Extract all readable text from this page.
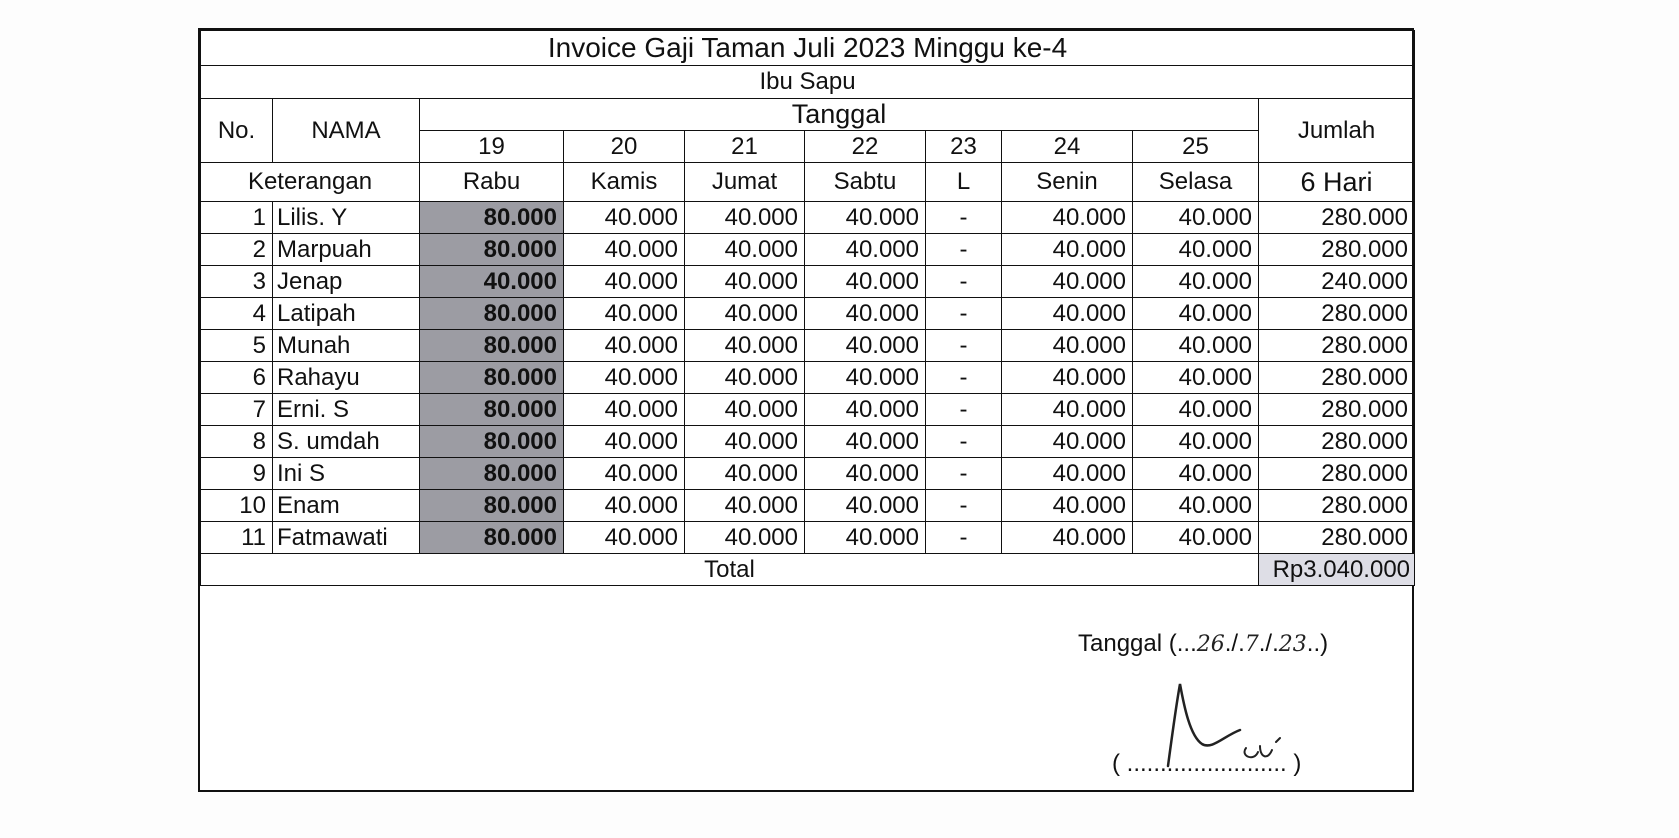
Invoice Gaji Taman Juli 2023 Minggu ke-4									
Ibu Sapu									
No.	NAMA	Tanggal							Jumlah
		19	20	21	22	23	24	25	
Keterangan		Rabu	Kamis	Jumat	Sabtu	L	Senin	Selasa	6 Hari
1	Lilis. Y	80.000	40.000	40.000	40.000	-	40.000	40.000	280.000
2	Marpuah	80.000	40.000	40.000	40.000	-	40.000	40.000	280.000
3	Jenap	40.000	40.000	40.000	40.000	-	40.000	40.000	240.000
4	Latipah	80.000	40.000	40.000	40.000	-	40.000	40.000	280.000
5	Munah	80.000	40.000	40.000	40.000	-	40.000	40.000	280.000
6	Rahayu	80.000	40.000	40.000	40.000	-	40.000	40.000	280.000
7	Erni. S	80.000	40.000	40.000	40.000	-	40.000	40.000	280.000
8	S. umdah	80.000	40.000	40.000	40.000	-	40.000	40.000	280.000
9	Ini S	80.000	40.000	40.000	40.000	-	40.000	40.000	280.000
10	Enam	80.000	40.000	40.000	40.000	-	40.000	40.000	280.000
11	Fatmawati	80.000	40.000	40.000	40.000	-	40.000	40.000	280.000
Total									Rp3.040.000
Tanggal (...26./.7./.23..)
( ........................ )
